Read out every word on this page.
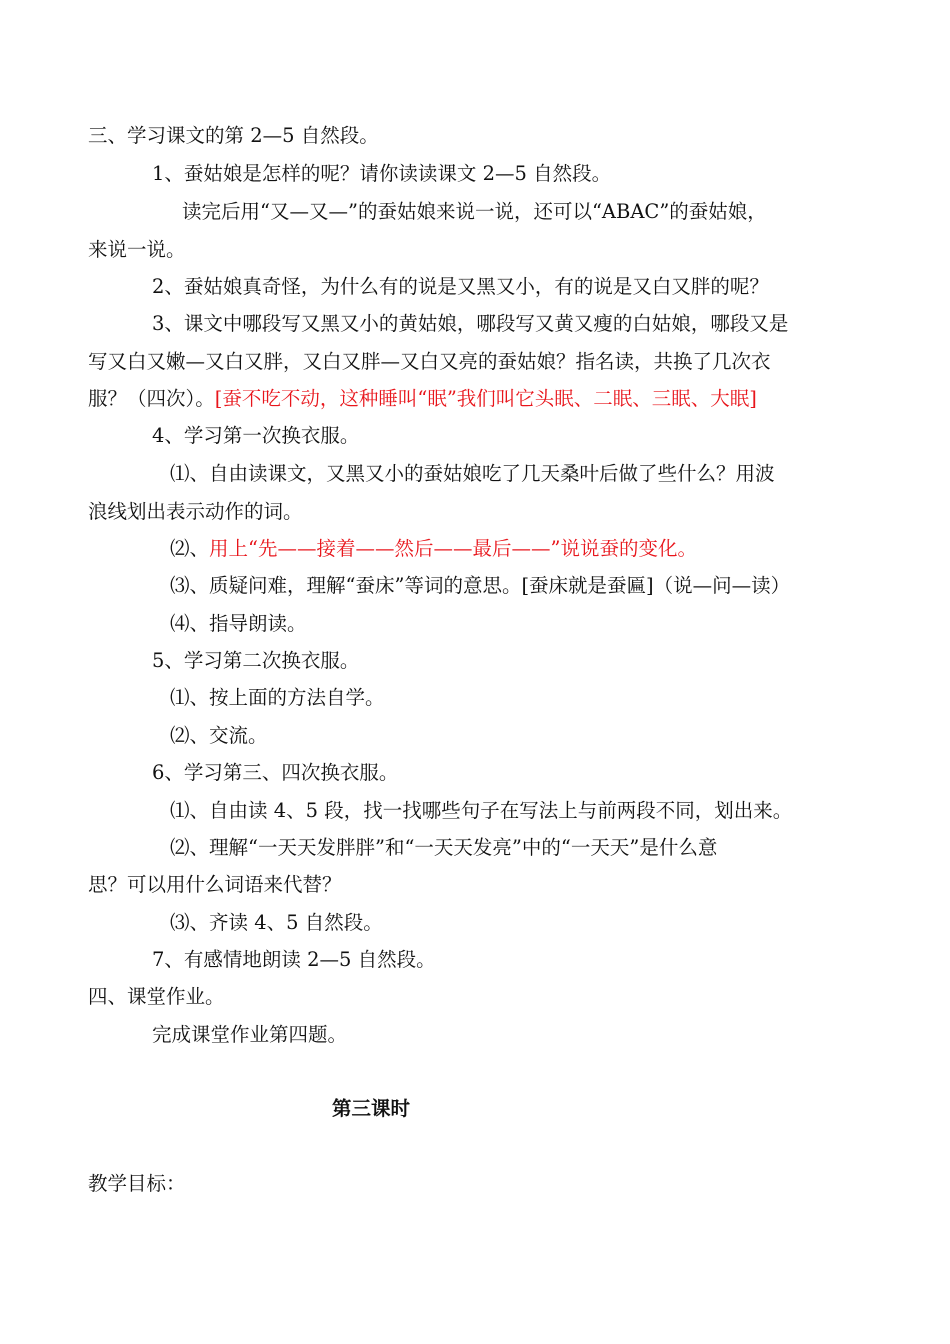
三、学习课文的第 2—5 自然段。
1、蚕姑娘是怎样的呢？请你读读课文 2—5 自然段。
读完后用“又—又—”的蚕姑娘来说一说，还可以“ABAC”的蚕姑娘，
来说一说。
2、蚕姑娘真奇怪，为什么有的说是又黑又小，有的说是又白又胖的呢？
3、课文中哪段写又黑又小的黄姑娘，哪段写又黄又瘦的白姑娘，哪段又是
写又白又嫩—又白又胖，又白又胖—又白又亮的蚕姑娘？指名读，共换了几次衣
服？（四次）。[蚕不吃不动，这种睡叫“眠”我们叫它头眠、二眠、三眠、大眠]
4、学习第一次换衣服。
⑴、自由读课文，又黑又小的蚕姑娘吃了几天桑叶后做了些什么？用波
浪线划出表示动作的词。
⑵、用上“先——接着——然后——最后——”说说蚕的变化。
⑶、质疑问难，理解“蚕床”等词的意思。[蚕床就是蚕匾]（说—问—读）
⑷、指导朗读。
5、学习第二次换衣服。
⑴、按上面的方法自学。
⑵、交流。
6、学习第三、四次换衣服。
⑴、自由读 4、5 段，找一找哪些句子在写法上与前两段不同，划出来。
⑵、理解“一天天发胖胖”和“一天天发亮”中的“一天天”是什么意
思？可以用什么词语来代替？
⑶、齐读 4、5 自然段。
7、有感情地朗读 2—5 自然段。
四、课堂作业。
完成课堂作业第四题。
第三课时
教学目标：
